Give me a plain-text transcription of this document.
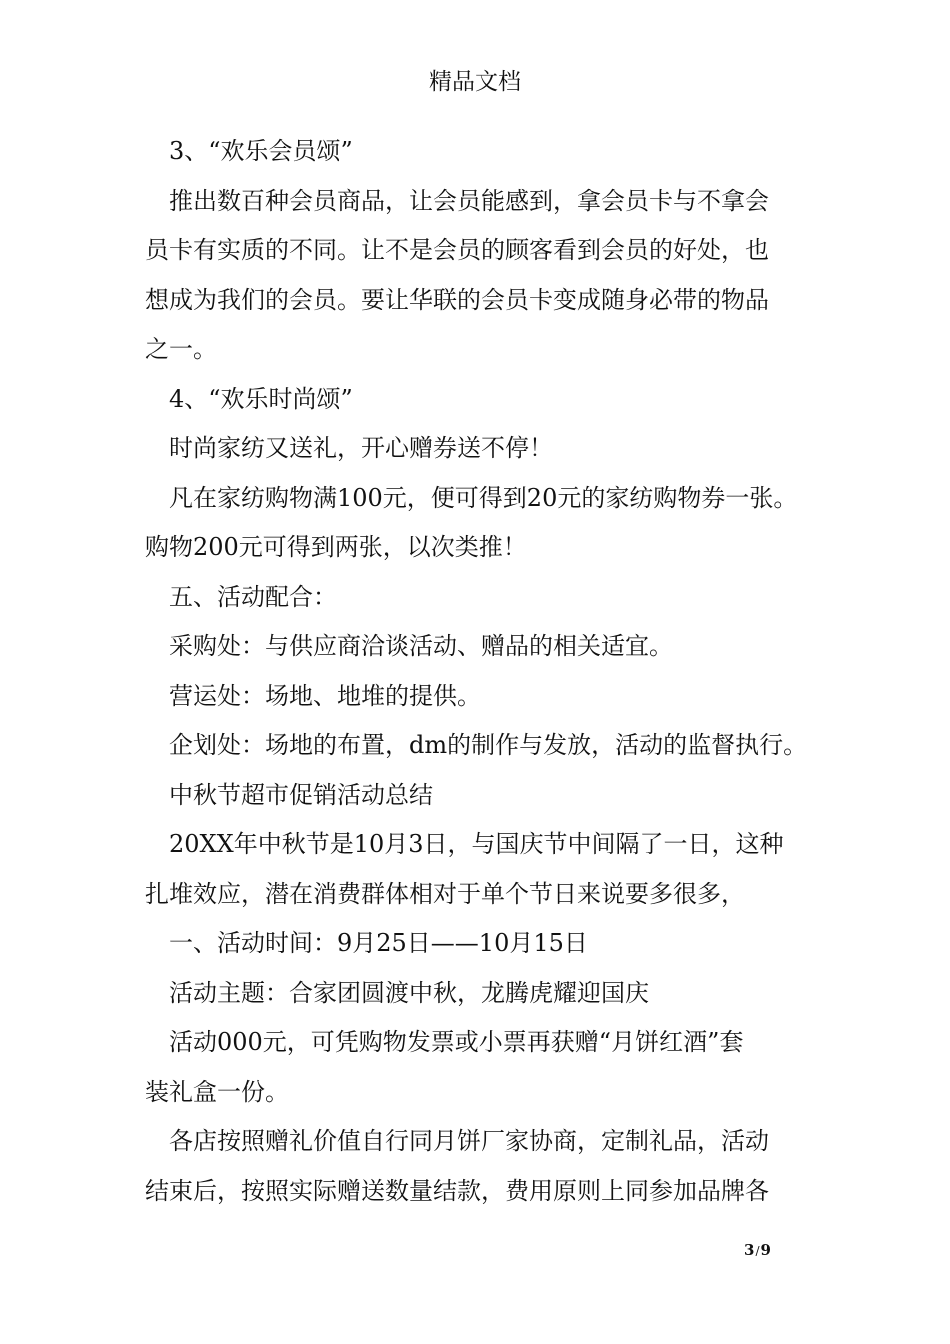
精品文档

3、“欢乐会员颂”

推出数百种会员商品，让会员能感到，拿会员卡与不拿会

员卡有实质的不同。让不是会员的顾客看到会员的好处，也

想成为我们的会员。要让华联的会员卡变成随身必带的物品

之一。

4、“欢乐时尚颂”

时尚家纺又送礼，开心赠券送不停！

凡在家纺购物满100元，便可得到20元的家纺购物券一张。

购物200元可得到两张，以次类推！

五、活动配合：

采购处：与供应商洽谈活动、赠品的相关适宜。

营运处：场地、地堆的提供。

企划处：场地的布置，dm的制作与发放，活动的监督执行。

中秋节超市促销活动总结

20XX年中秋节是10月3日，与国庆节中间隔了一日，这种

扎堆效应，潜在消费群体相对于单个节日来说要多很多，

一、活动时间：9月25日——10月15日

活动主题：合家团圆渡中秋，龙腾虎耀迎国庆

活动000元，可凭购物发票或小票再获赠“月饼红酒”套

装礼盒一份。

各店按照赠礼价值自行同月饼厂家协商，定制礼品，活动

结束后，按照实际赠送数量结款，费用原则上同参加品牌各

3/9
